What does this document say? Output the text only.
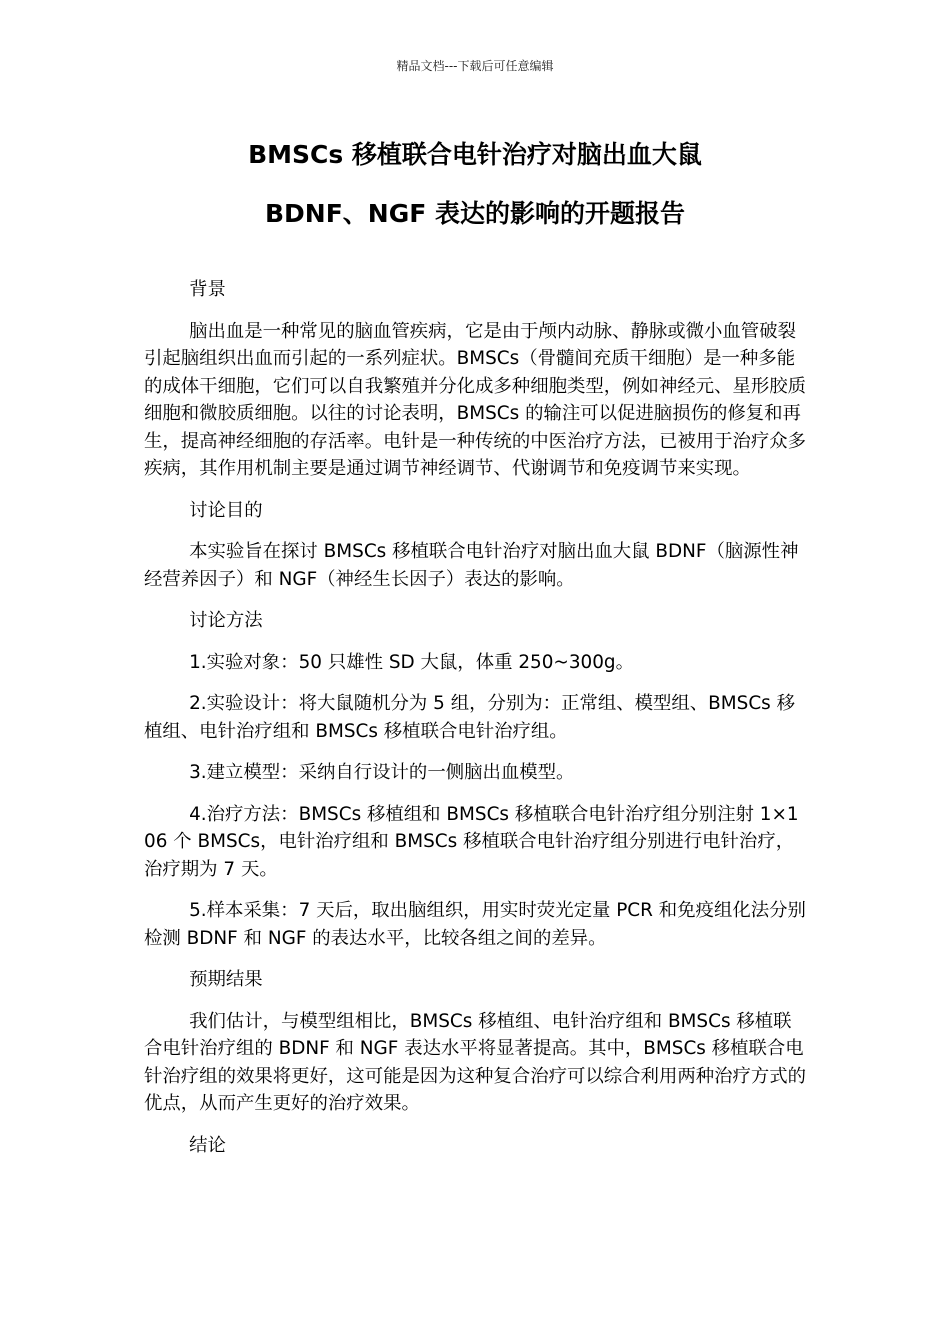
精品文档---下载后可任意编辑
BMSCs 移植联合电针治疗对脑出血大鼠
BDNF、NGF 表达的影响的开题报告

背景

脑出血是一种常见的脑血管疾病，它是由于颅内动脉、静脉或微小血管破裂引起脑组织出血而引起的一系列症状。BMSCs（骨髓间充质干细胞）是一种多能的成体干细胞，它们可以自我繁殖并分化成多种细胞类型，例如神经元、星形胶质细胞和微胶质细胞。以往的讨论表明，BMSCs 的输注可以促进脑损伤的修复和再生，提高神经细胞的存活率。电针是一种传统的中医治疗方法，已被用于治疗众多疾病，其作用机制主要是通过调节神经调节、代谢调节和免疫调节来实现。

讨论目的

本实验旨在探讨 BMSCs 移植联合电针治疗对脑出血大鼠 BDNF（脑源性神经营养因子）和 NGF（神经生长因子）表达的影响。

讨论方法

1.实验对象：50 只雄性 SD 大鼠，体重 250~300g。

2.实验设计：将大鼠随机分为 5 组，分别为：正常组、模型组、BMSCs 移植组、电针治疗组和 BMSCs 移植联合电针治疗组。

3.建立模型：采纳自行设计的一侧脑出血模型。

4.治疗方法：BMSCs 移植组和 BMSCs 移植联合电针治疗组分别注射 1×106 个 BMSCs，电针治疗组和 BMSCs 移植联合电针治疗组分别进行电针治疗，治疗期为 7 天。

5.样本采集：7 天后，取出脑组织，用实时荧光定量 PCR 和免疫组化法分别检测 BDNF 和 NGF 的表达水平，比较各组之间的差异。

预期结果

我们估计，与模型组相比，BMSCs 移植组、电针治疗组和 BMSCs 移植联合电针治疗组的 BDNF 和 NGF 表达水平将显著提高。其中，BMSCs 移植联合电针治疗组的效果将更好，这可能是因为这种复合治疗可以综合利用两种治疗方式的优点，从而产生更好的治疗效果。

结论
